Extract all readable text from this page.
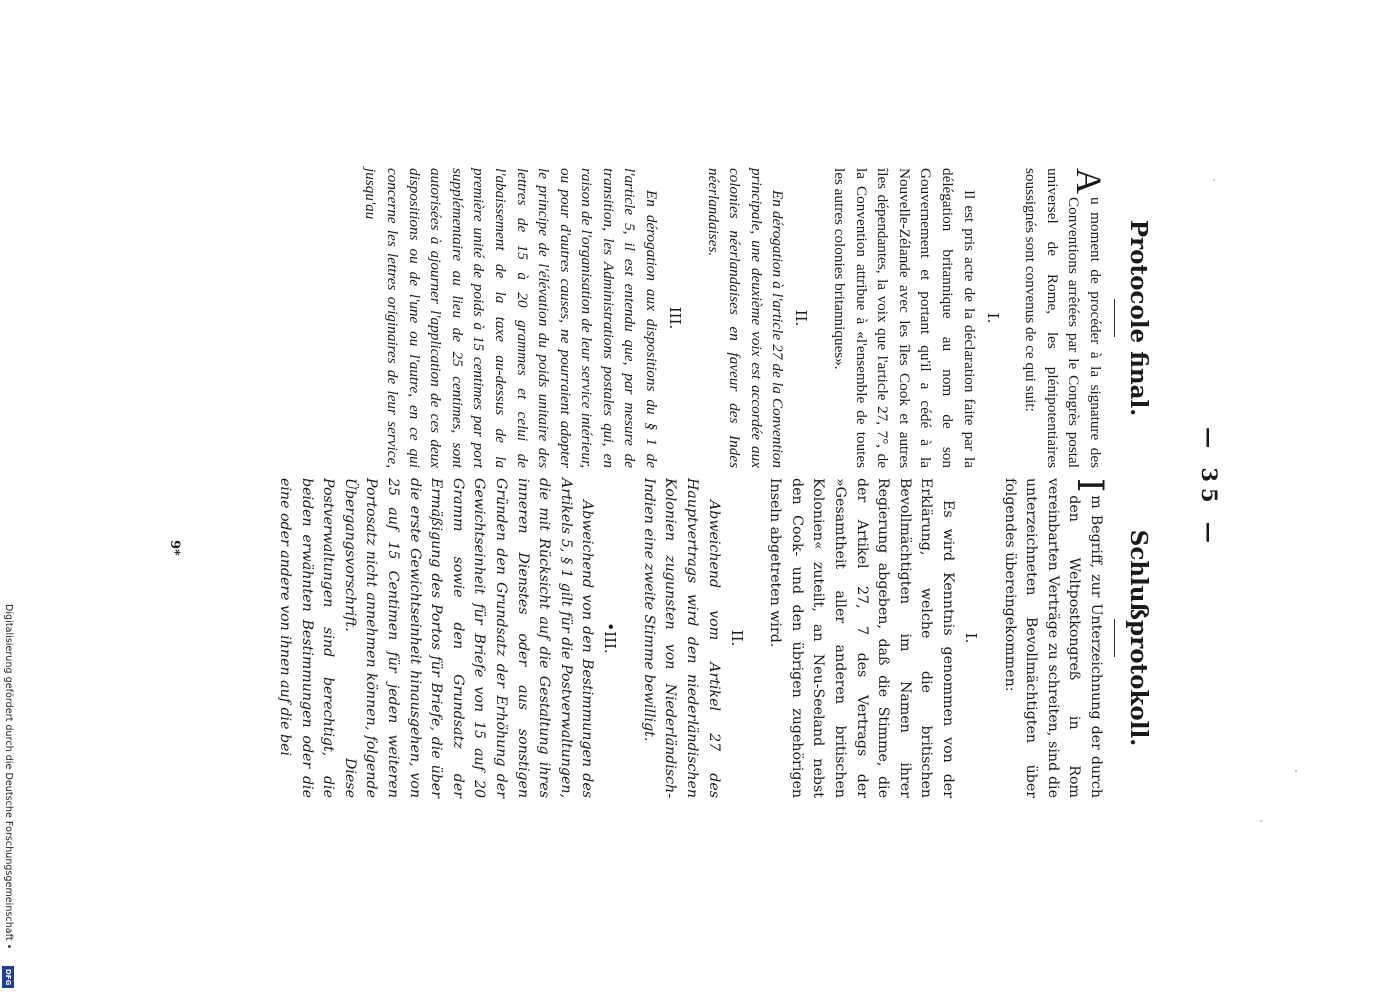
Digitalisierung gefördert durch die Deutsche Forschungsgemeinschaft •
DFG
— 35 —
Protocole final.

A
u moment de procéder à la signature des Conventions arrêtées par le Congrès postal universel de Rome, les plénipotentiaires soussignés sont convenus de ce qui suit:

I.

Il est pris acte de la déclaration faite par la délégation britannique au nom de son Gouvernement et portant qu'il a cédé à la Nouvelle-Zélande avec les îles Cook et autres îles dépendantes, la voix que l'article 27, 7°, de la Convention attribue à «l'ensemble de toutes les autres colonies britanniques».

II.

En dérogation à l'article 27 de la Convention principale, une deuxième voix est accordée aux colonies néerlandaises en faveur des Indes néerlandaises.

III.

En dérogation aux dispositions du § 1 de l'article 5, il est entendu que, par mesure de transition, les Administrations postales qui, en raison de l'organisation de leur service intérieur, ou pour d'autres causes, ne pourraient adopter le principe de l'élévation du poids unitaire des lettres de 15 à 20 grammes et celui de l'abaissement de la taxe au-dessus de la première unité de poids à 15 centimes par port supplémentaire au lieu de 25 centimes, sont autorisées à ajourner l'application de ces deux dispositions ou de l'une ou l'autre, en ce qui concerne les lettres originaires de leur service, jusqu'au

Schlußprotokoll.

I
m Begriff, zur Unterzeichnung der durch den Weltpostkongreß in Rom vereinbarten Verträge zu schreiten, sind die unterzeichneten Bevollmächtigten über folgendes übereingekommen:

I.

Es wird Kenntnis genommen von der Erklärung, welche die britischen Bevollmächtigten im Namen ihrer Regierung abgeben, daß die Stimme, die der Artikel 27, 7 des Vertrags der »Gesamtheit aller anderen britischen Kolonien« zuteilt, an Neu-Seeland nebst den Cook- und den übrigen zugehörigen Inseln abgetreten wird.

II.

Abweichend vom Artikel 27 des Hauptvertrags wird den niederländischen Kolonien zugunsten von Niederländisch-Indien eine zweite Stimme bewilligt.

•III.

Abweichend von den Bestimmungen des Artikels 5, § 1 gilt für die Postverwaltungen, die mit Rücksicht auf die Gestaltung ihres inneren Dienstes oder aus sonstigen Gründen den Grundsatz der Erhöhung der Gewichtseinheit für Briefe von 15 auf 20 Gramm sowie den Grundsatz der Ermäßigung des Portos für Briefe, die über die erste Gewichtseinheit hinausgehen, von 25 auf 15 Centimen für jeden weiteren Portosatz nicht annehmen können, folgende Übergangsvorschrift. Diese Postverwaltungen sind berechtigt, die beiden erwähnten Bestimmungen oder die eine oder andere von ihnen auf die bei

9*
